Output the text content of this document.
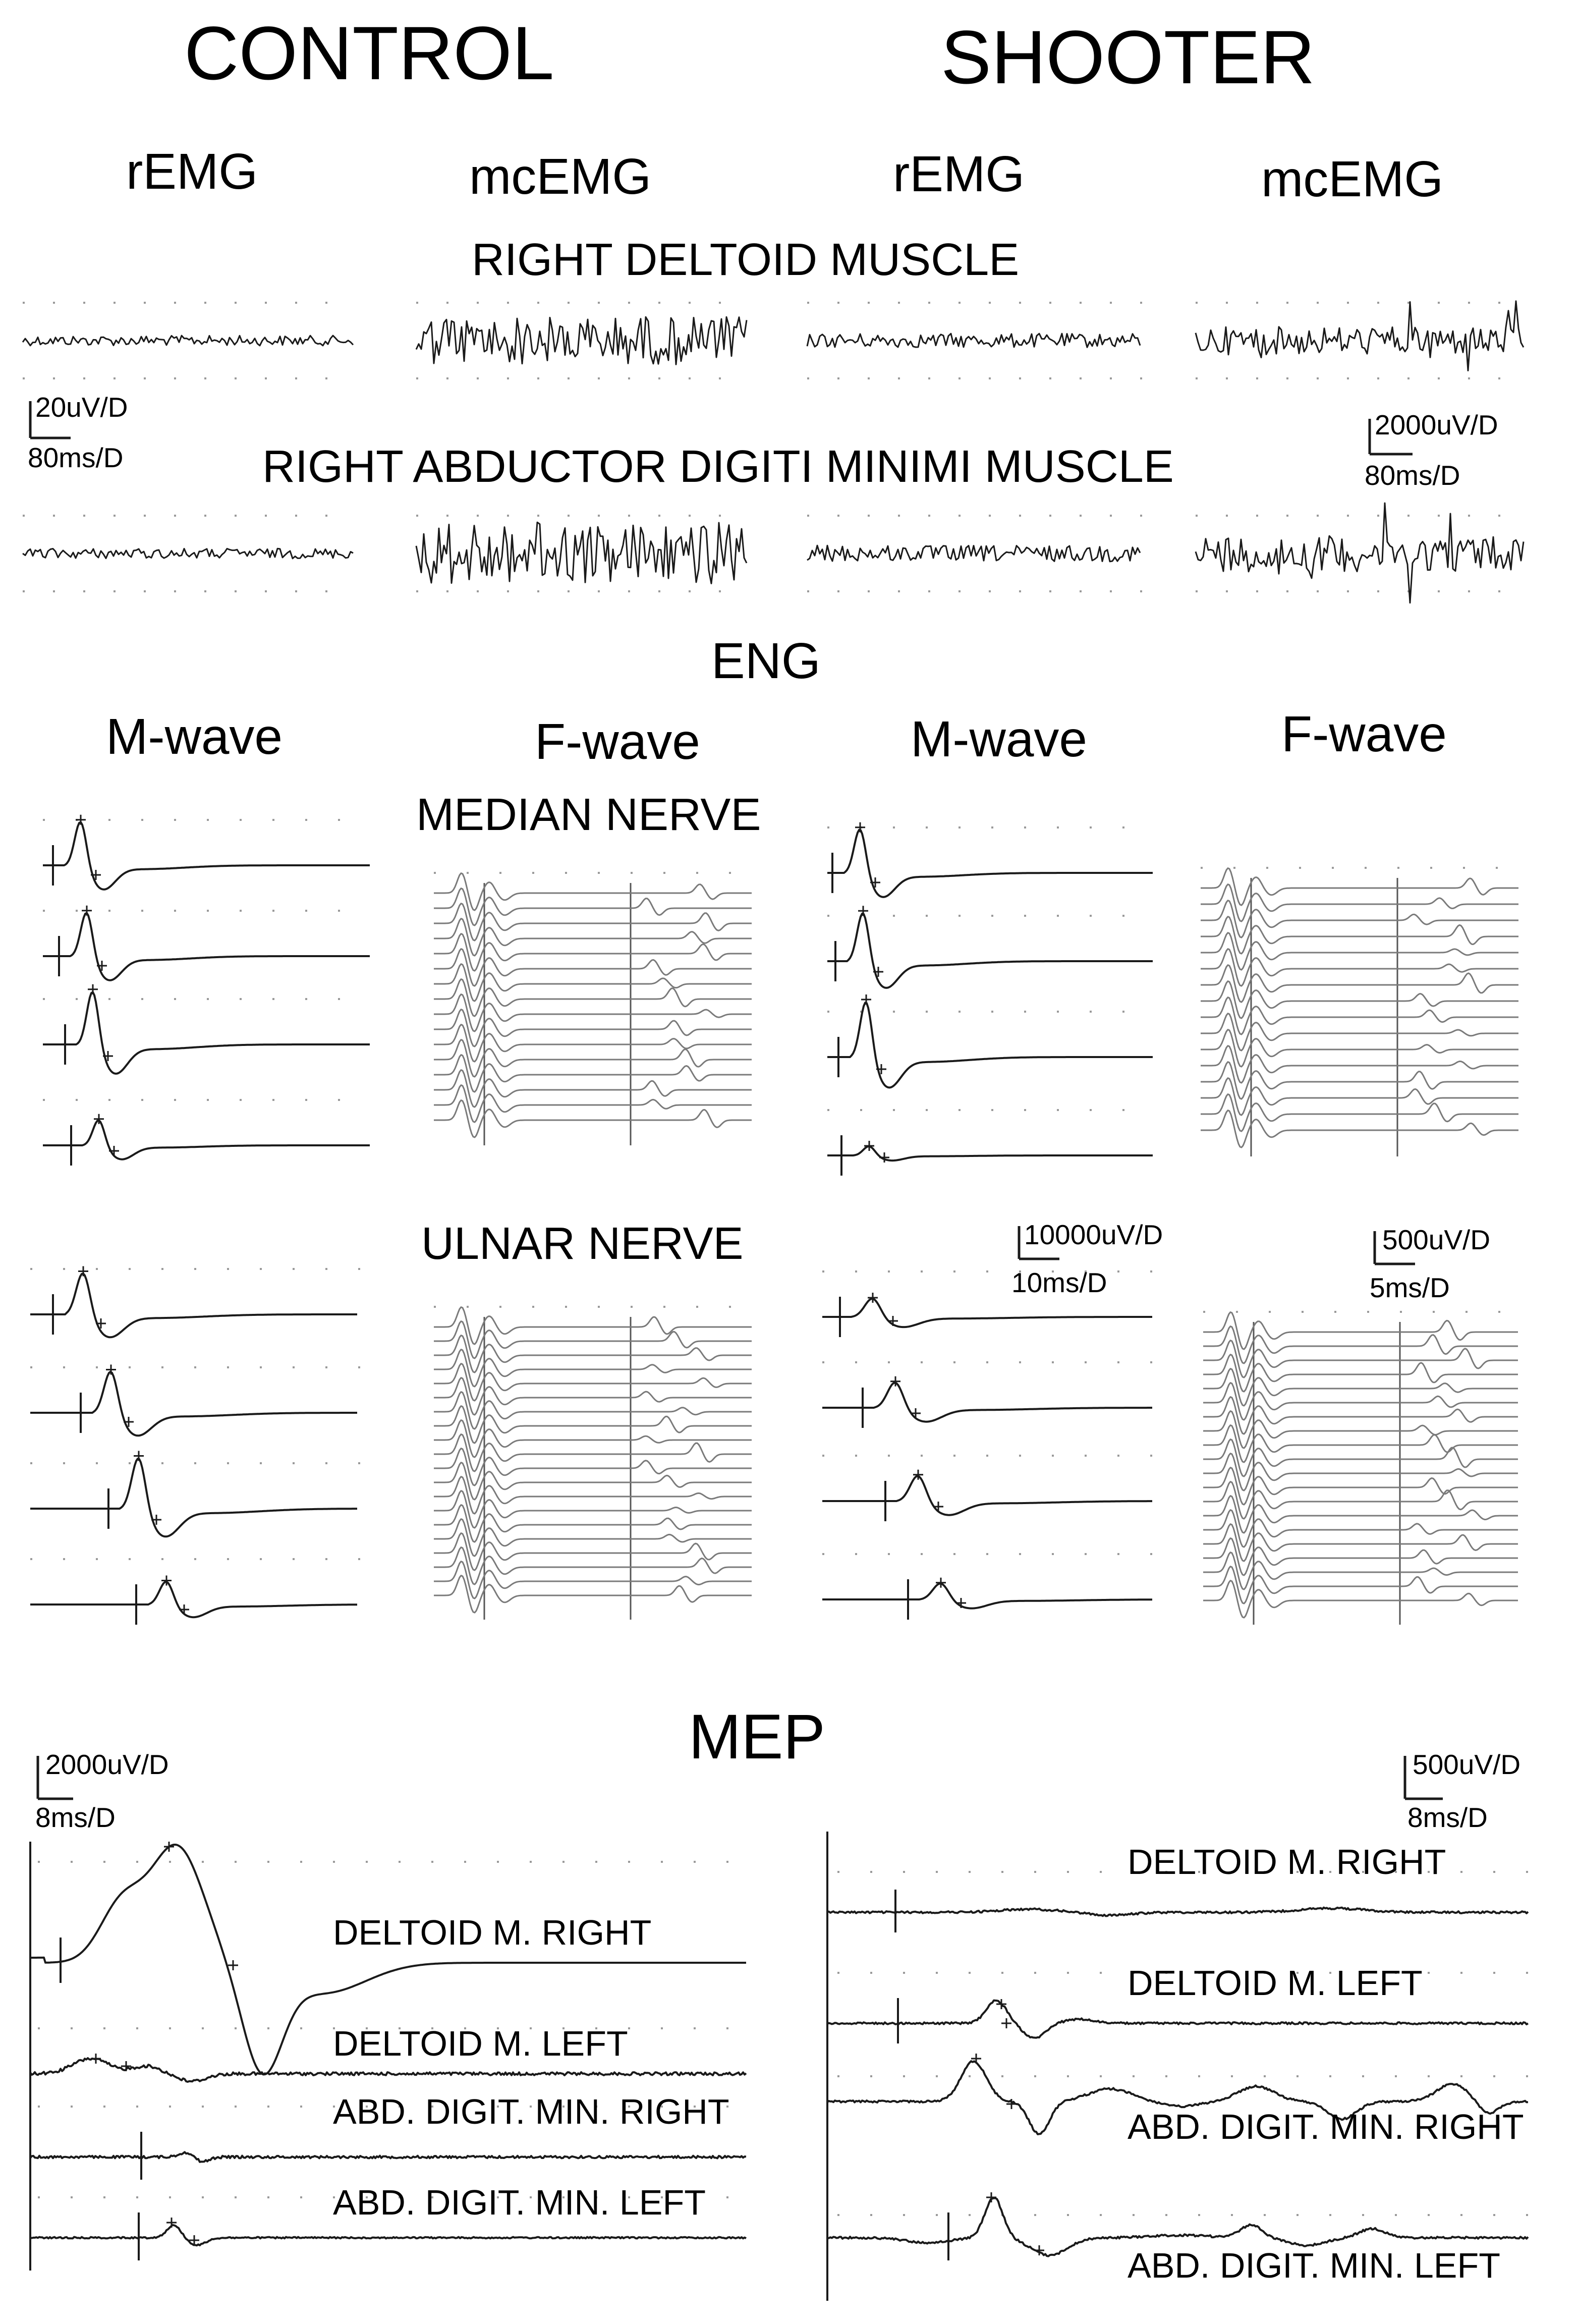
CONTROL	SHOOTER
rEMG	mcEMG	rEMG	mcEMG
RIGHT DELTOID MUSCLE
RIGHT ABDUCTOR DIGITI MINIMI MUSCLE
20uV/D
80ms/D
2000uV/D
80ms/D
ENG
M-wave	F-wave	M-wave	F-wave
MEDIAN NERVE
ULNAR NERVE	10000uV/D
10ms/D
500uV/D
5ms/D
MEP
2000uV/D
8ms/D
500uV/D
8ms/D
DELTOID M. RIGHT
DELTOID M. LEFT
ABD. DIGIT. MIN. RIGHT
ABD. DIGIT. MIN. LEFT
DELTOID M. RIGHT
DELTOID M. LEFT
ABD. DIGIT. MIN. RIGHT
ABD. DIGIT. MIN. LEFT
